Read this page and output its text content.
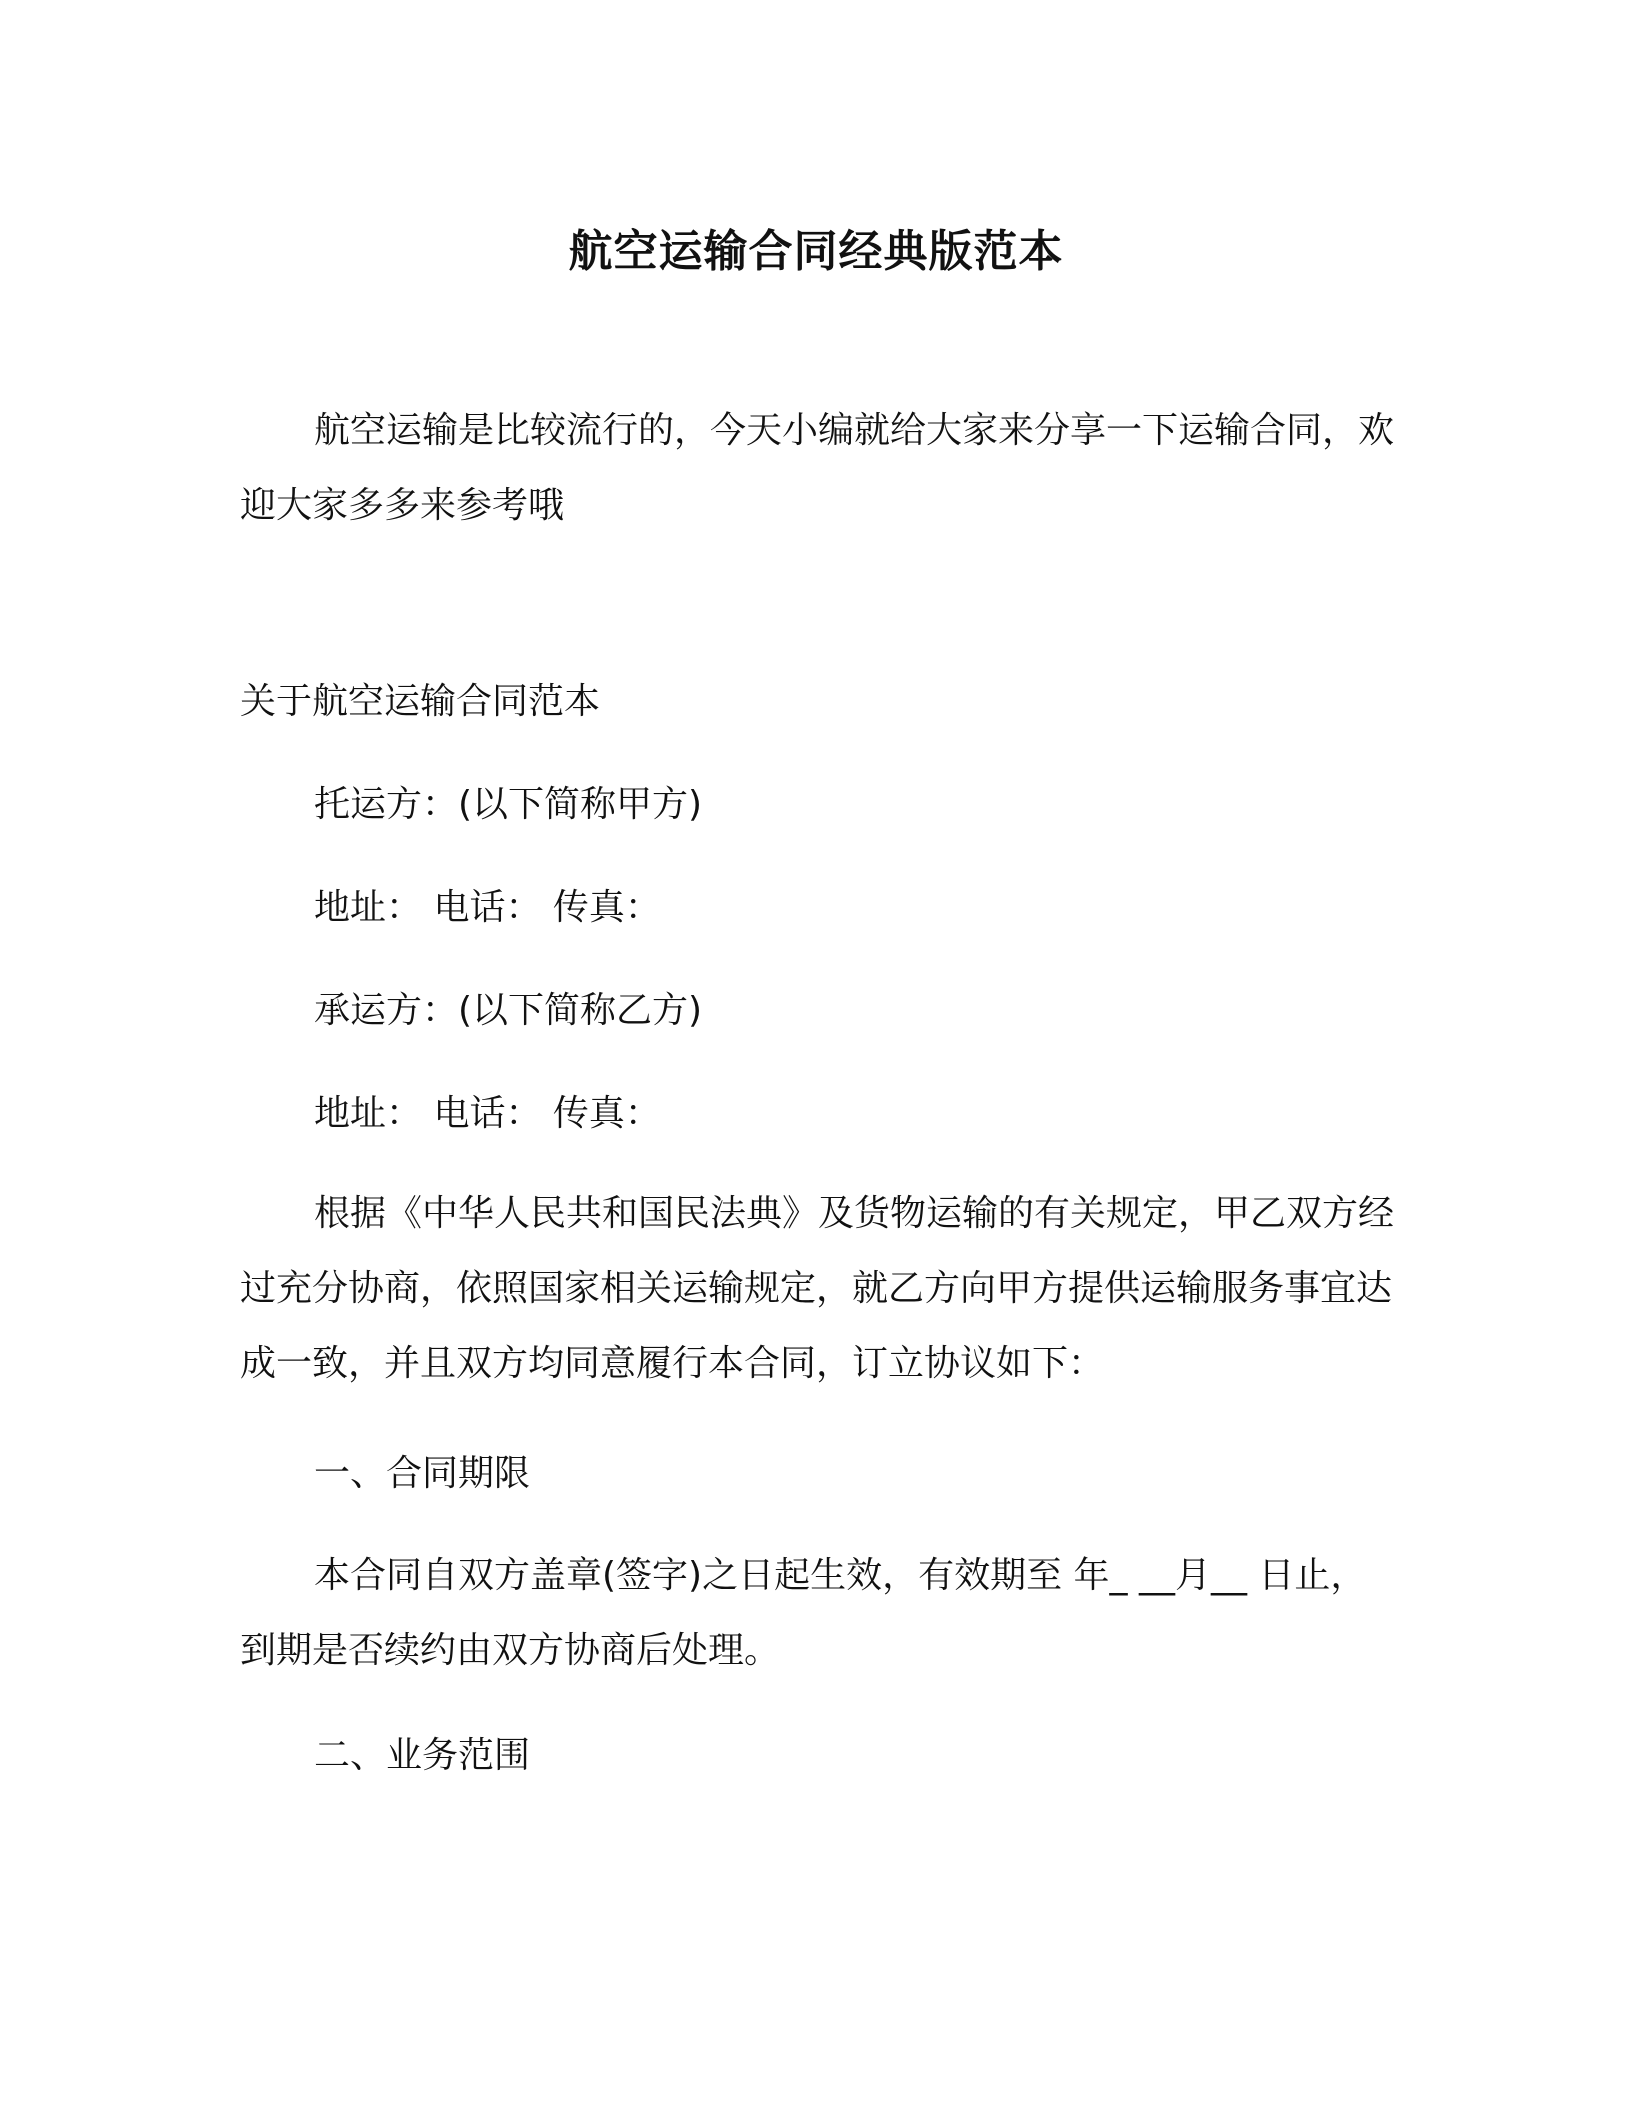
航空运输合同经典版范本

航空运输是比较流行的，今天小编就给大家来分享一下运输合同，欢迎大家多多来参考哦

关于航空运输合同范本

托运方：(以下简称甲方)

地址： 电话： 传真：

承运方：(以下简称乙方)

地址： 电话： 传真：

根据《中华人民共和国民法典》及货物运输的有关规定，甲乙双方经过充分协商，依照国家相关运输规定，就乙方向甲方提供运输服务事宜达成一致，并且双方均同意履行本合同，订立协议如下：

一、合同期限

本合同自双方盖章(签字)之日起生效，有效期至 年_ __月__ 日止，到期是否续约由双方协商后处理。

二、业务范围
